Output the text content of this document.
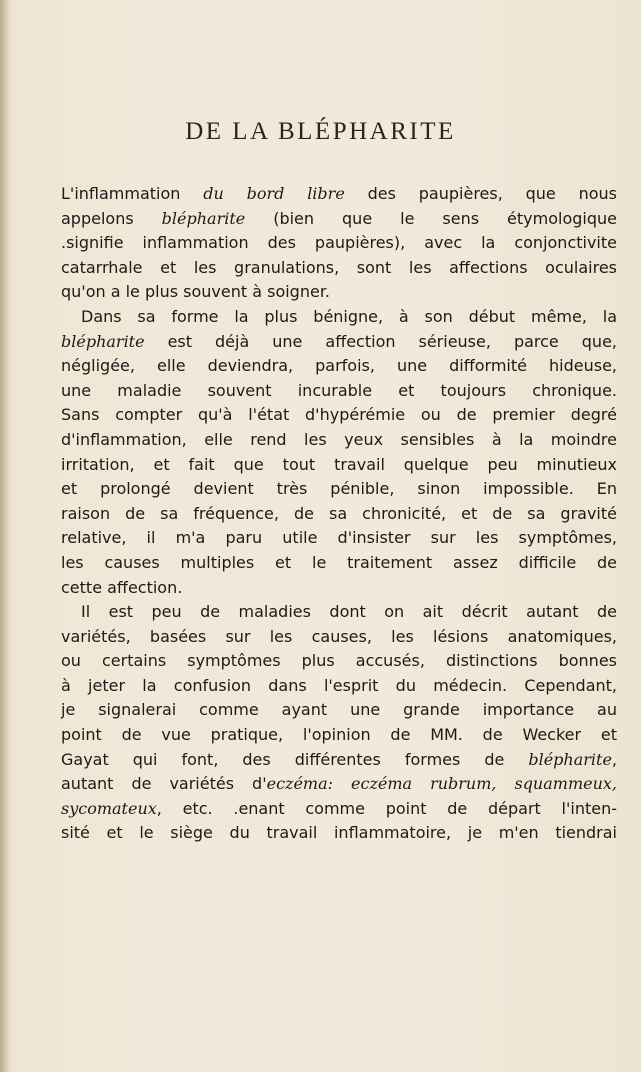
DE LA BLÉPHARITE
L'inflammation du bord libre des paupières, que nous
appelons blépharite (bien que le sens étymologique
.signifie inflammation des paupières), avec la conjonctivite
catarrhale et les granulations, sont les affections oculaires
qu'on a le plus souvent à soigner.
Dans sa forme la plus bénigne, à son début même, la
blépharite est déjà une affection sérieuse, parce que,
négligée, elle deviendra, parfois, une difformité hideuse,
une maladie souvent incurable et toujours chronique.
Sans compter qu'à l'état d'hypérémie ou de premier degré
d'inflammation, elle rend les yeux sensibles à la moindre
irritation, et fait que tout travail quelque peu minutieux
et prolongé devient très pénible, sinon impossible. En
raison de sa fréquence, de sa chronicité, et de sa gravité
relative, il m'a paru utile d'insister sur les symptômes,
les causes multiples et le traitement assez difficile de
cette affection.
Il est peu de maladies dont on ait décrit autant de
variétés, basées sur les causes, les lésions anatomiques,
ou certains symptômes plus accusés, distinctions bonnes
à jeter la confusion dans l'esprit du médecin. Cependant,
je signalerai comme ayant une grande importance au
point de vue pratique, l'opinion de MM. de Wecker et
Gayat qui font, des différentes formes de blépharite,
autant de variétés d'eczéma: eczéma rubrum, squammeux,
sycomateux, etc. .enant comme point de départ l'inten-
sité et le siège du travail inflammatoire, je m'en tiendrai
